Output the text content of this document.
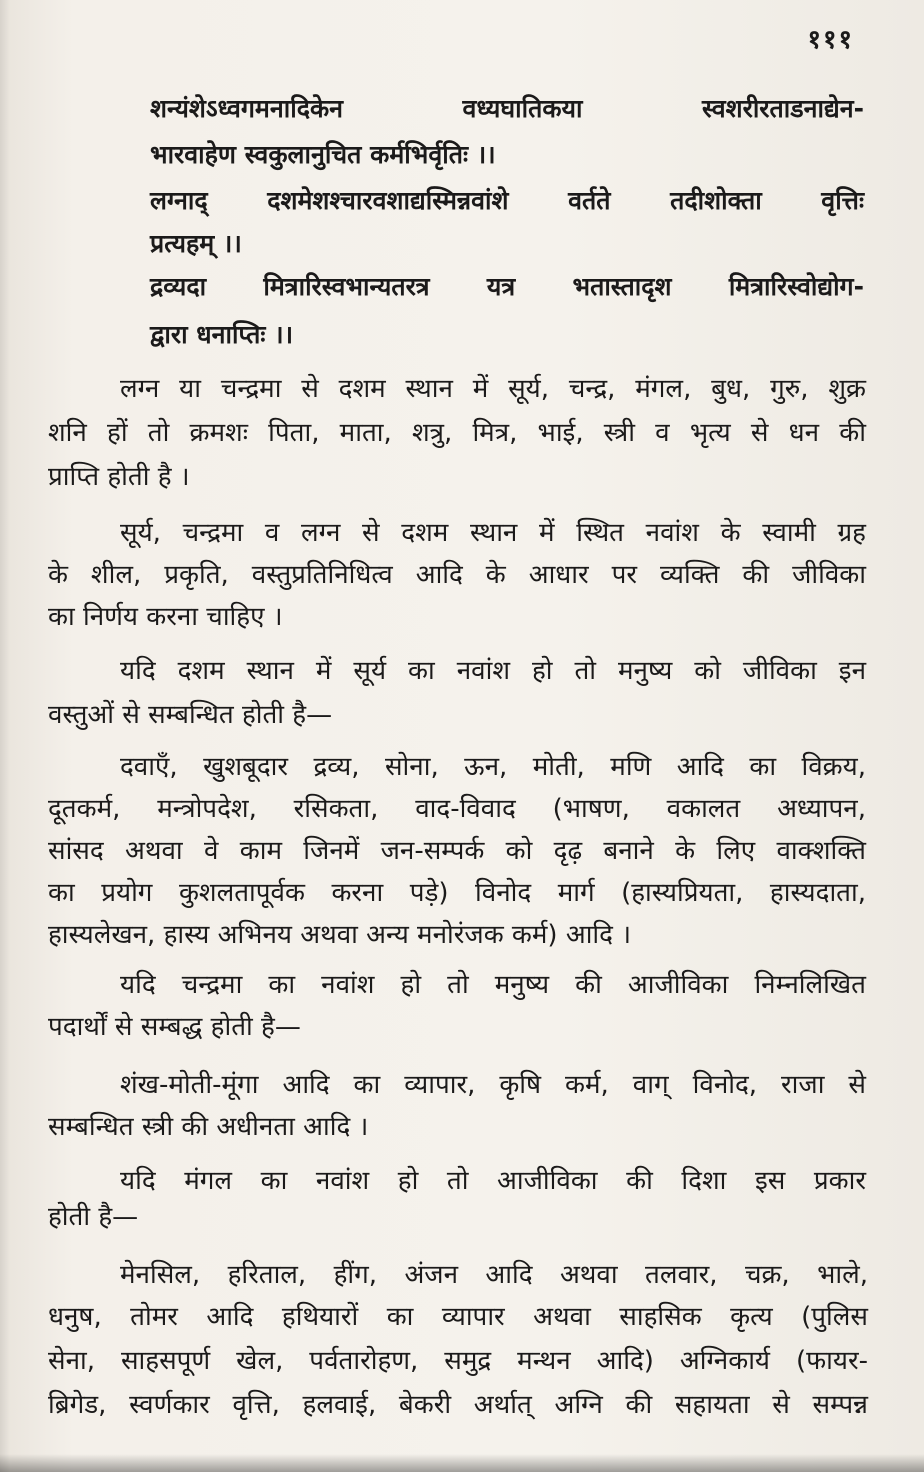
१११
शन्यंशेऽध्वगमनादिकेन वध्यघातिकया स्वशरीरताडनाद्येन-
भारवाहेण स्वकुलानुचित कर्मभिर्वृतिः ।।
लग्नाद् दशमेशश्चारवशाद्यस्मिन्नवांशे वर्तते तदीशोक्ता वृत्तिः
प्रत्यहम् ।।
द्रव्यदा मित्रारिस्वभान्यतरत्र यत्र भतास्तादृश मित्रारिस्वोद्योग-
द्वारा धनाप्तिः ।।
लग्न या चन्द्रमा से दशम स्थान में सूर्य, चन्द्र, मंगल, बुध, गुरु, शुक्र
शनि हों तो क्रमशः पिता, माता, शत्रु, मित्र, भाई, स्त्री व भृत्य से धन की
प्राप्ति होती है ।
सूर्य, चन्द्रमा व लग्न से दशम स्थान में स्थित नवांश के स्वामी ग्रह
के शील, प्रकृति, वस्तुप्रतिनिधित्व आदि के आधार पर व्यक्ति की जीविका
का निर्णय करना चाहिए ।
यदि दशम स्थान में सूर्य का नवांश हो तो मनुष्य को जीविका इन
वस्तुओं से सम्बन्धित होती है—
दवाएँ, खुशबूदार द्रव्य, सोना, ऊन, मोती, मणि आदि का विक्रय,
दूतकर्म, मन्त्रोपदेश, रसिकता, वाद-विवाद (भाषण, वकालत अध्यापन,
सांसद अथवा वे काम जिनमें जन-सम्पर्क को दृढ़ बनाने के लिए वाक्शक्ति
का प्रयोग कुशलतापूर्वक करना पड़े) विनोद मार्ग (हास्यप्रियता, हास्यदाता,
हास्यलेखन, हास्य अभिनय अथवा अन्य मनोरंजक कर्म) आदि ।
यदि चन्द्रमा का नवांश हो तो मनुष्य की आजीविका निम्नलिखित
पदार्थों से सम्बद्ध होती है—
शंख-मोती-मूंगा आदि का व्यापार, कृषि कर्म, वाग् विनोद, राजा से
सम्बन्धित स्त्री की अधीनता आदि ।
यदि मंगल का नवांश हो तो आजीविका की दिशा इस प्रकार
होती है—
मेनसिल, हरिताल, हींग, अंजन आदि अथवा तलवार, चक्र, भाले,
धनुष, तोमर आदि हथियारों का व्यापार अथवा साहसिक कृत्य (पुलिस
सेना, साहसपूर्ण खेल, पर्वतारोहण, समुद्र मन्थन आदि) अग्निकार्य (फायर-
ब्रिगेड, स्वर्णकार वृत्ति, हलवाई, बेकरी अर्थात् अग्नि की सहायता से सम्पन्न
